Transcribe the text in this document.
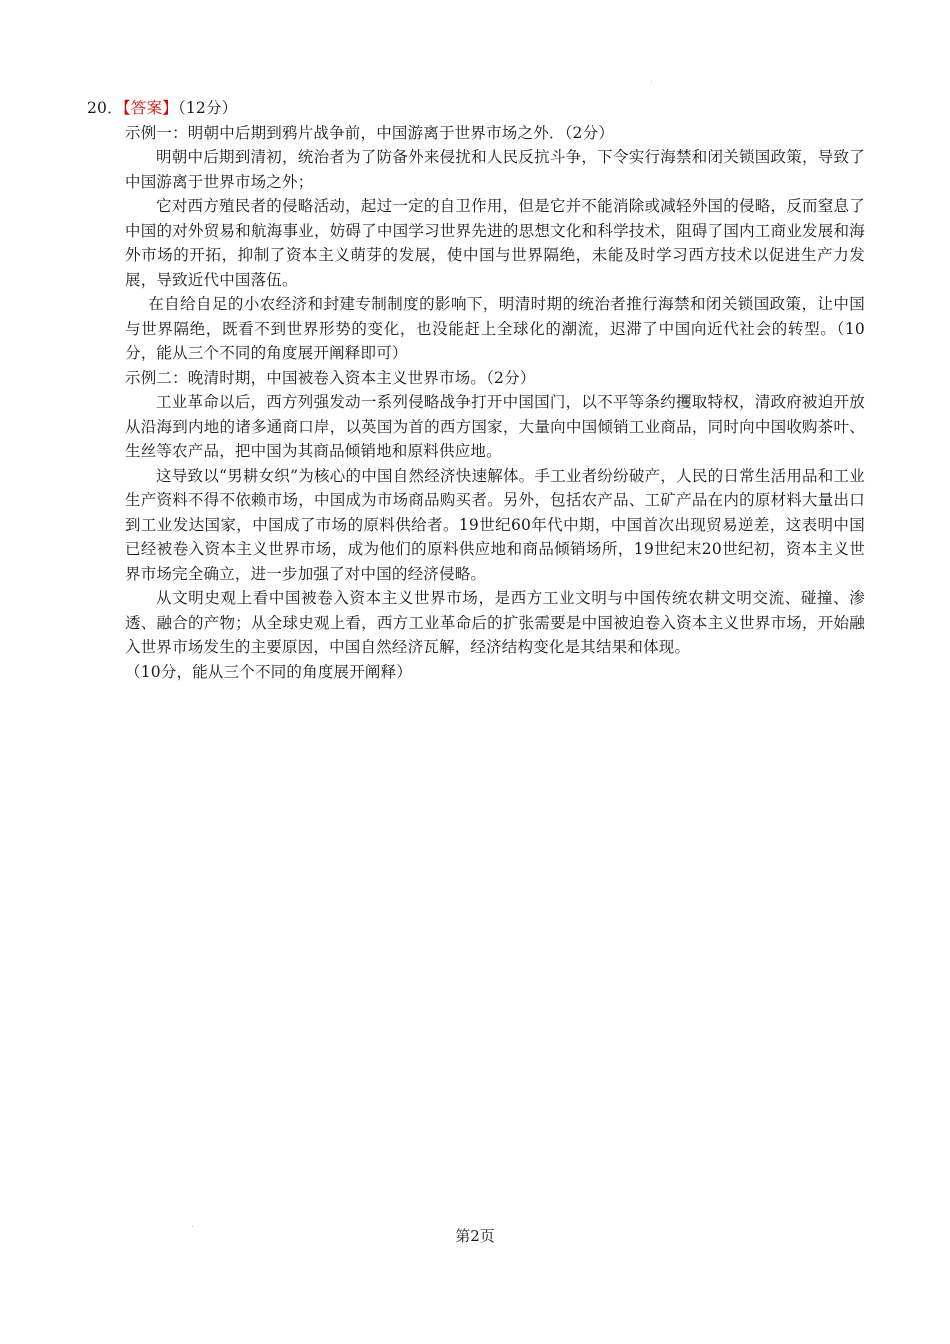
20．【答案】（12分）

示例一：明朝中后期到鸦片战争前，中国游离于世界市场之外．（2分）

明朝中后期到清初，统治者为了防备外来侵扰和人民反抗斗争，下令实行海禁和闭关锁国政策，导致了中国游离于世界市场之外；

它对西方殖民者的侵略活动，起过一定的自卫作用，但是它并不能消除或减轻外国的侵略，反而窒息了中国的对外贸易和航海事业，妨碍了中国学习世界先进的思想文化和科学技术，阻碍了国内工商业发展和海外市场的开拓，抑制了资本主义萌芽的发展，使中国与世界隔绝，未能及时学习西方技术以促进生产力发展，导致近代中国落伍。

在自给自足的小农经济和封建专制制度的影响下，明清时期的统治者推行海禁和闭关锁国政策，让中国与世界隔绝，既看不到世界形势的变化，也没能赶上全球化的潮流，迟滞了中国向近代社会的转型。（10分，能从三个不同的角度展开阐释即可）

示例二：晚清时期，中国被卷入资本主义世界市场。（2分）

工业革命以后，西方列强发动一系列侵略战争打开中国国门，以不平等条约攫取特权，清政府被迫开放从沿海到内地的诸多通商口岸，以英国为首的西方国家，大量向中国倾销工业商品，同时向中国收购茶叶、生丝等农产品，把中国为其商品倾销地和原料供应地。

这导致以“男耕女织”为核心的中国自然经济快速解体。手工业者纷纷破产，人民的日常生活用品和工业生产资料不得不依赖市场，中国成为市场商品购买者。另外，包括农产品、工矿产品在内的原材料大量出口到工业发达国家，中国成了市场的原料供给者。19世纪60年代中期，中国首次出现贸易逆差，这表明中国已经被卷入资本主义世界市场，成为他们的原料供应地和商品倾销场所，19世纪末20世纪初，资本主义世界市场完全确立，进一步加强了对中国的经济侵略。

从文明史观上看中国被卷入资本主义世界市场，是西方工业文明与中国传统农耕文明交流、碰撞、渗透、融合的产物；从全球史观上看，西方工业革命后的扩张需要是中国被迫卷入资本主义世界市场，开始融入世界市场发生的主要原因，中国自然经济瓦解，经济结构变化是其结果和体现。

（10分，能从三个不同的角度展开阐释）

第2页
